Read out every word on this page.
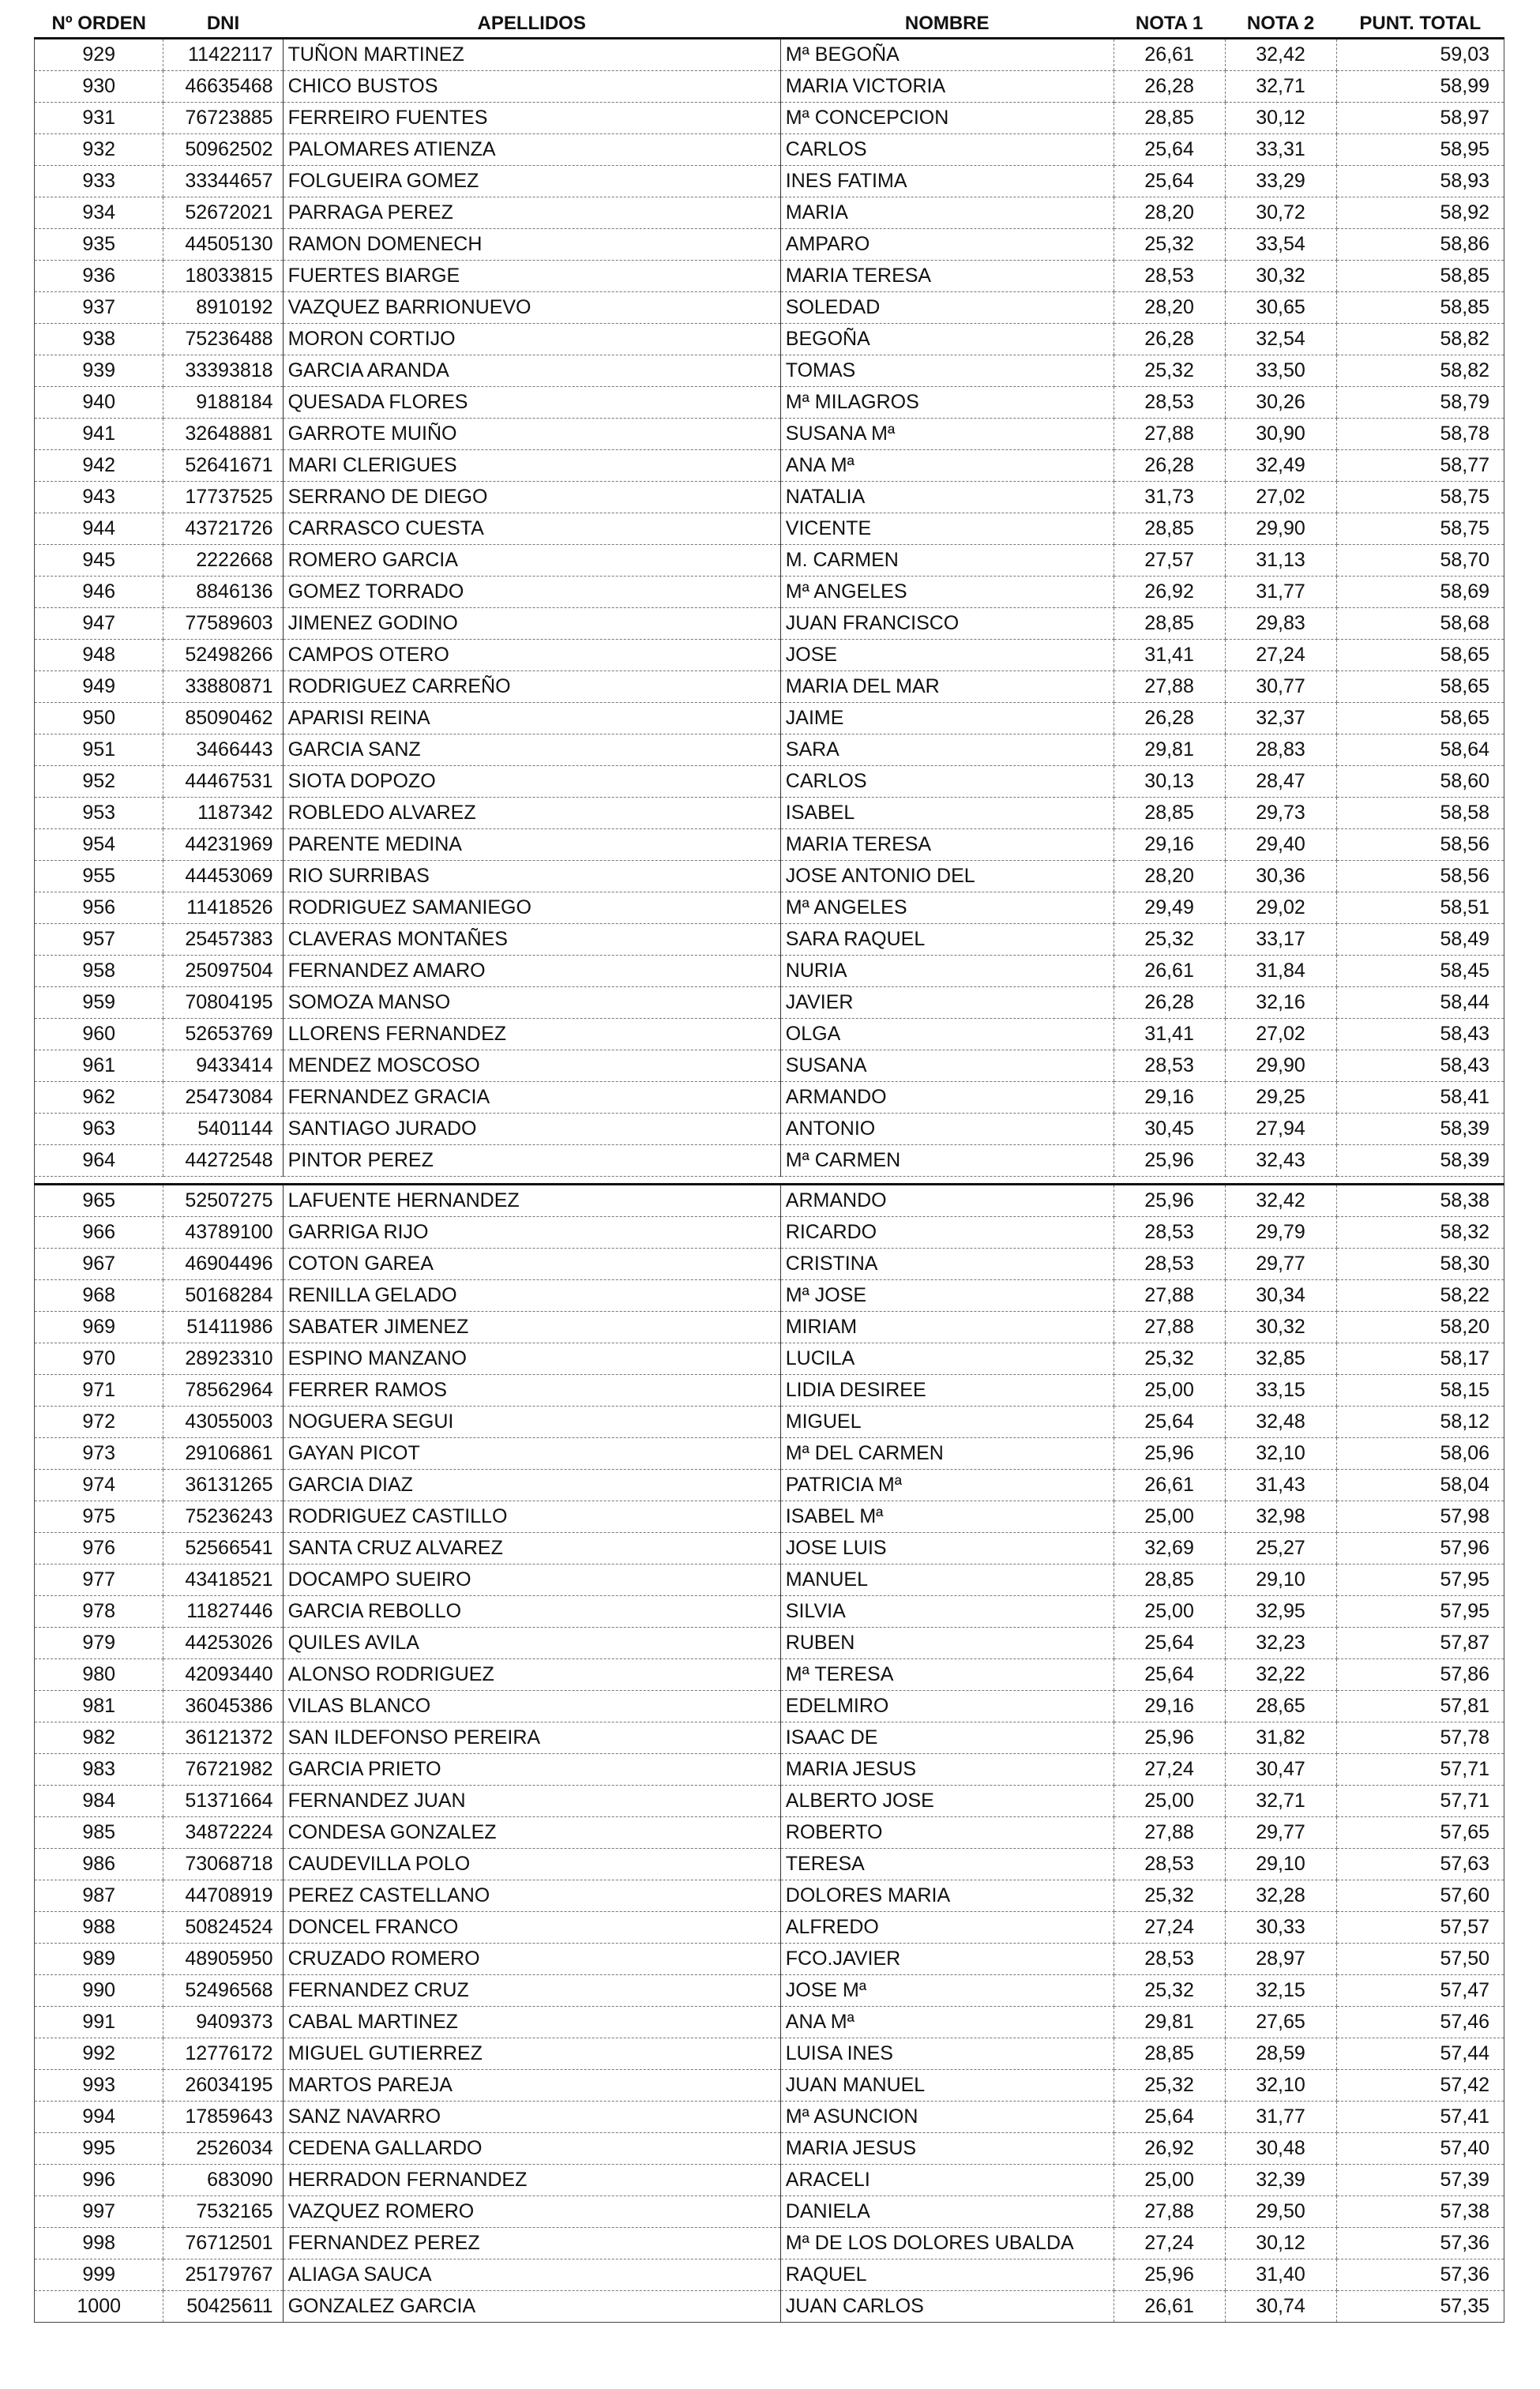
Nº ORDEN	DNI	APELLIDOS	NOMBRE	NOTA 1	NOTA 2	PUNT. TOTAL
929	11422117	TUÑON MARTINEZ	Mª BEGOÑA	26,61	32,42	59,03
930	46635468	CHICO BUSTOS	MARIA VICTORIA	26,28	32,71	58,99
931	76723885	FERREIRO FUENTES	Mª CONCEPCION	28,85	30,12	58,97
932	50962502	PALOMARES ATIENZA	CARLOS	25,64	33,31	58,95
933	33344657	FOLGUEIRA GOMEZ	INES FATIMA	25,64	33,29	58,93
934	52672021	PARRAGA PEREZ	MARIA	28,20	30,72	58,92
935	44505130	RAMON DOMENECH	AMPARO	25,32	33,54	58,86
936	18033815	FUERTES BIARGE	MARIA TERESA	28,53	30,32	58,85
937	8910192	VAZQUEZ BARRIONUEVO	SOLEDAD	28,20	30,65	58,85
938	75236488	MORON CORTIJO	BEGOÑA	26,28	32,54	58,82
939	33393818	GARCIA ARANDA	TOMAS	25,32	33,50	58,82
940	9188184	QUESADA FLORES	Mª MILAGROS	28,53	30,26	58,79
941	32648881	GARROTE MUIÑO	SUSANA Mª	27,88	30,90	58,78
942	52641671	MARI CLERIGUES	ANA Mª	26,28	32,49	58,77
943	17737525	SERRANO DE DIEGO	NATALIA	31,73	27,02	58,75
944	43721726	CARRASCO CUESTA	VICENTE	28,85	29,90	58,75
945	2222668	ROMERO GARCIA	M. CARMEN	27,57	31,13	58,70
946	8846136	GOMEZ TORRADO	Mª ANGELES	26,92	31,77	58,69
947	77589603	JIMENEZ GODINO	JUAN FRANCISCO	28,85	29,83	58,68
948	52498266	CAMPOS OTERO	JOSE	31,41	27,24	58,65
949	33880871	RODRIGUEZ CARREÑO	MARIA DEL MAR	27,88	30,77	58,65
950	85090462	APARISI REINA	JAIME	26,28	32,37	58,65
951	3466443	GARCIA SANZ	SARA	29,81	28,83	58,64
952	44467531	SIOTA DOPOZO	CARLOS	30,13	28,47	58,60
953	1187342	ROBLEDO ALVAREZ	ISABEL	28,85	29,73	58,58
954	44231969	PARENTE MEDINA	MARIA TERESA	29,16	29,40	58,56
955	44453069	RIO SURRIBAS	JOSE ANTONIO DEL	28,20	30,36	58,56
956	11418526	RODRIGUEZ SAMANIEGO	Mª ANGELES	29,49	29,02	58,51
957	25457383	CLAVERAS MONTAÑES	SARA RAQUEL	25,32	33,17	58,49
958	25097504	FERNANDEZ AMARO	NURIA	26,61	31,84	58,45
959	70804195	SOMOZA MANSO	JAVIER	26,28	32,16	58,44
960	52653769	LLORENS FERNANDEZ	OLGA	31,41	27,02	58,43
961	9433414	MENDEZ MOSCOSO	SUSANA	28,53	29,90	58,43
962	25473084	FERNANDEZ GRACIA	ARMANDO	29,16	29,25	58,41
963	5401144	SANTIAGO JURADO	ANTONIO	30,45	27,94	58,39
964	44272548	PINTOR PEREZ	Mª CARMEN	25,96	32,43	58,39

965	52507275	LAFUENTE HERNANDEZ	ARMANDO	25,96	32,42	58,38
966	43789100	GARRIGA RIJO	RICARDO	28,53	29,79	58,32
967	46904496	COTON GAREA	CRISTINA	28,53	29,77	58,30
968	50168284	RENILLA GELADO	Mª JOSE	27,88	30,34	58,22
969	51411986	SABATER JIMENEZ	MIRIAM	27,88	30,32	58,20
970	28923310	ESPINO MANZANO	LUCILA	25,32	32,85	58,17
971	78562964	FERRER RAMOS	LIDIA DESIREE	25,00	33,15	58,15
972	43055003	NOGUERA SEGUI	MIGUEL	25,64	32,48	58,12
973	29106861	GAYAN PICOT	Mª DEL CARMEN	25,96	32,10	58,06
974	36131265	GARCIA DIAZ	PATRICIA Mª	26,61	31,43	58,04
975	75236243	RODRIGUEZ CASTILLO	ISABEL Mª	25,00	32,98	57,98
976	52566541	SANTA CRUZ ALVAREZ	JOSE LUIS	32,69	25,27	57,96
977	43418521	DOCAMPO SUEIRO	MANUEL	28,85	29,10	57,95
978	11827446	GARCIA REBOLLO	SILVIA	25,00	32,95	57,95
979	44253026	QUILES AVILA	RUBEN	25,64	32,23	57,87
980	42093440	ALONSO RODRIGUEZ	Mª TERESA	25,64	32,22	57,86
981	36045386	VILAS BLANCO	EDELMIRO	29,16	28,65	57,81
982	36121372	SAN ILDEFONSO PEREIRA	ISAAC DE	25,96	31,82	57,78
983	76721982	GARCIA PRIETO	MARIA JESUS	27,24	30,47	57,71
984	51371664	FERNANDEZ JUAN	ALBERTO JOSE	25,00	32,71	57,71
985	34872224	CONDESA GONZALEZ	ROBERTO	27,88	29,77	57,65
986	73068718	CAUDEVILLA POLO	TERESA	28,53	29,10	57,63
987	44708919	PEREZ CASTELLANO	DOLORES MARIA	25,32	32,28	57,60
988	50824524	DONCEL FRANCO	ALFREDO	27,24	30,33	57,57
989	48905950	CRUZADO ROMERO	FCO.JAVIER	28,53	28,97	57,50
990	52496568	FERNANDEZ CRUZ	JOSE Mª	25,32	32,15	57,47
991	9409373	CABAL MARTINEZ	ANA Mª	29,81	27,65	57,46
992	12776172	MIGUEL GUTIERREZ	LUISA INES	28,85	28,59	57,44
993	26034195	MARTOS PAREJA	JUAN MANUEL	25,32	32,10	57,42
994	17859643	SANZ NAVARRO	Mª ASUNCION	25,64	31,77	57,41
995	2526034	CEDENA GALLARDO	MARIA JESUS	26,92	30,48	57,40
996	683090	HERRADON FERNANDEZ	ARACELI	25,00	32,39	57,39
997	7532165	VAZQUEZ ROMERO	DANIELA	27,88	29,50	57,38
998	76712501	FERNANDEZ PEREZ	Mª DE LOS DOLORES UBALDA	27,24	30,12	57,36
999	25179767	ALIAGA SAUCA	RAQUEL	25,96	31,40	57,36
1000	50425611	GONZALEZ GARCIA	JUAN CARLOS	26,61	30,74	57,35
